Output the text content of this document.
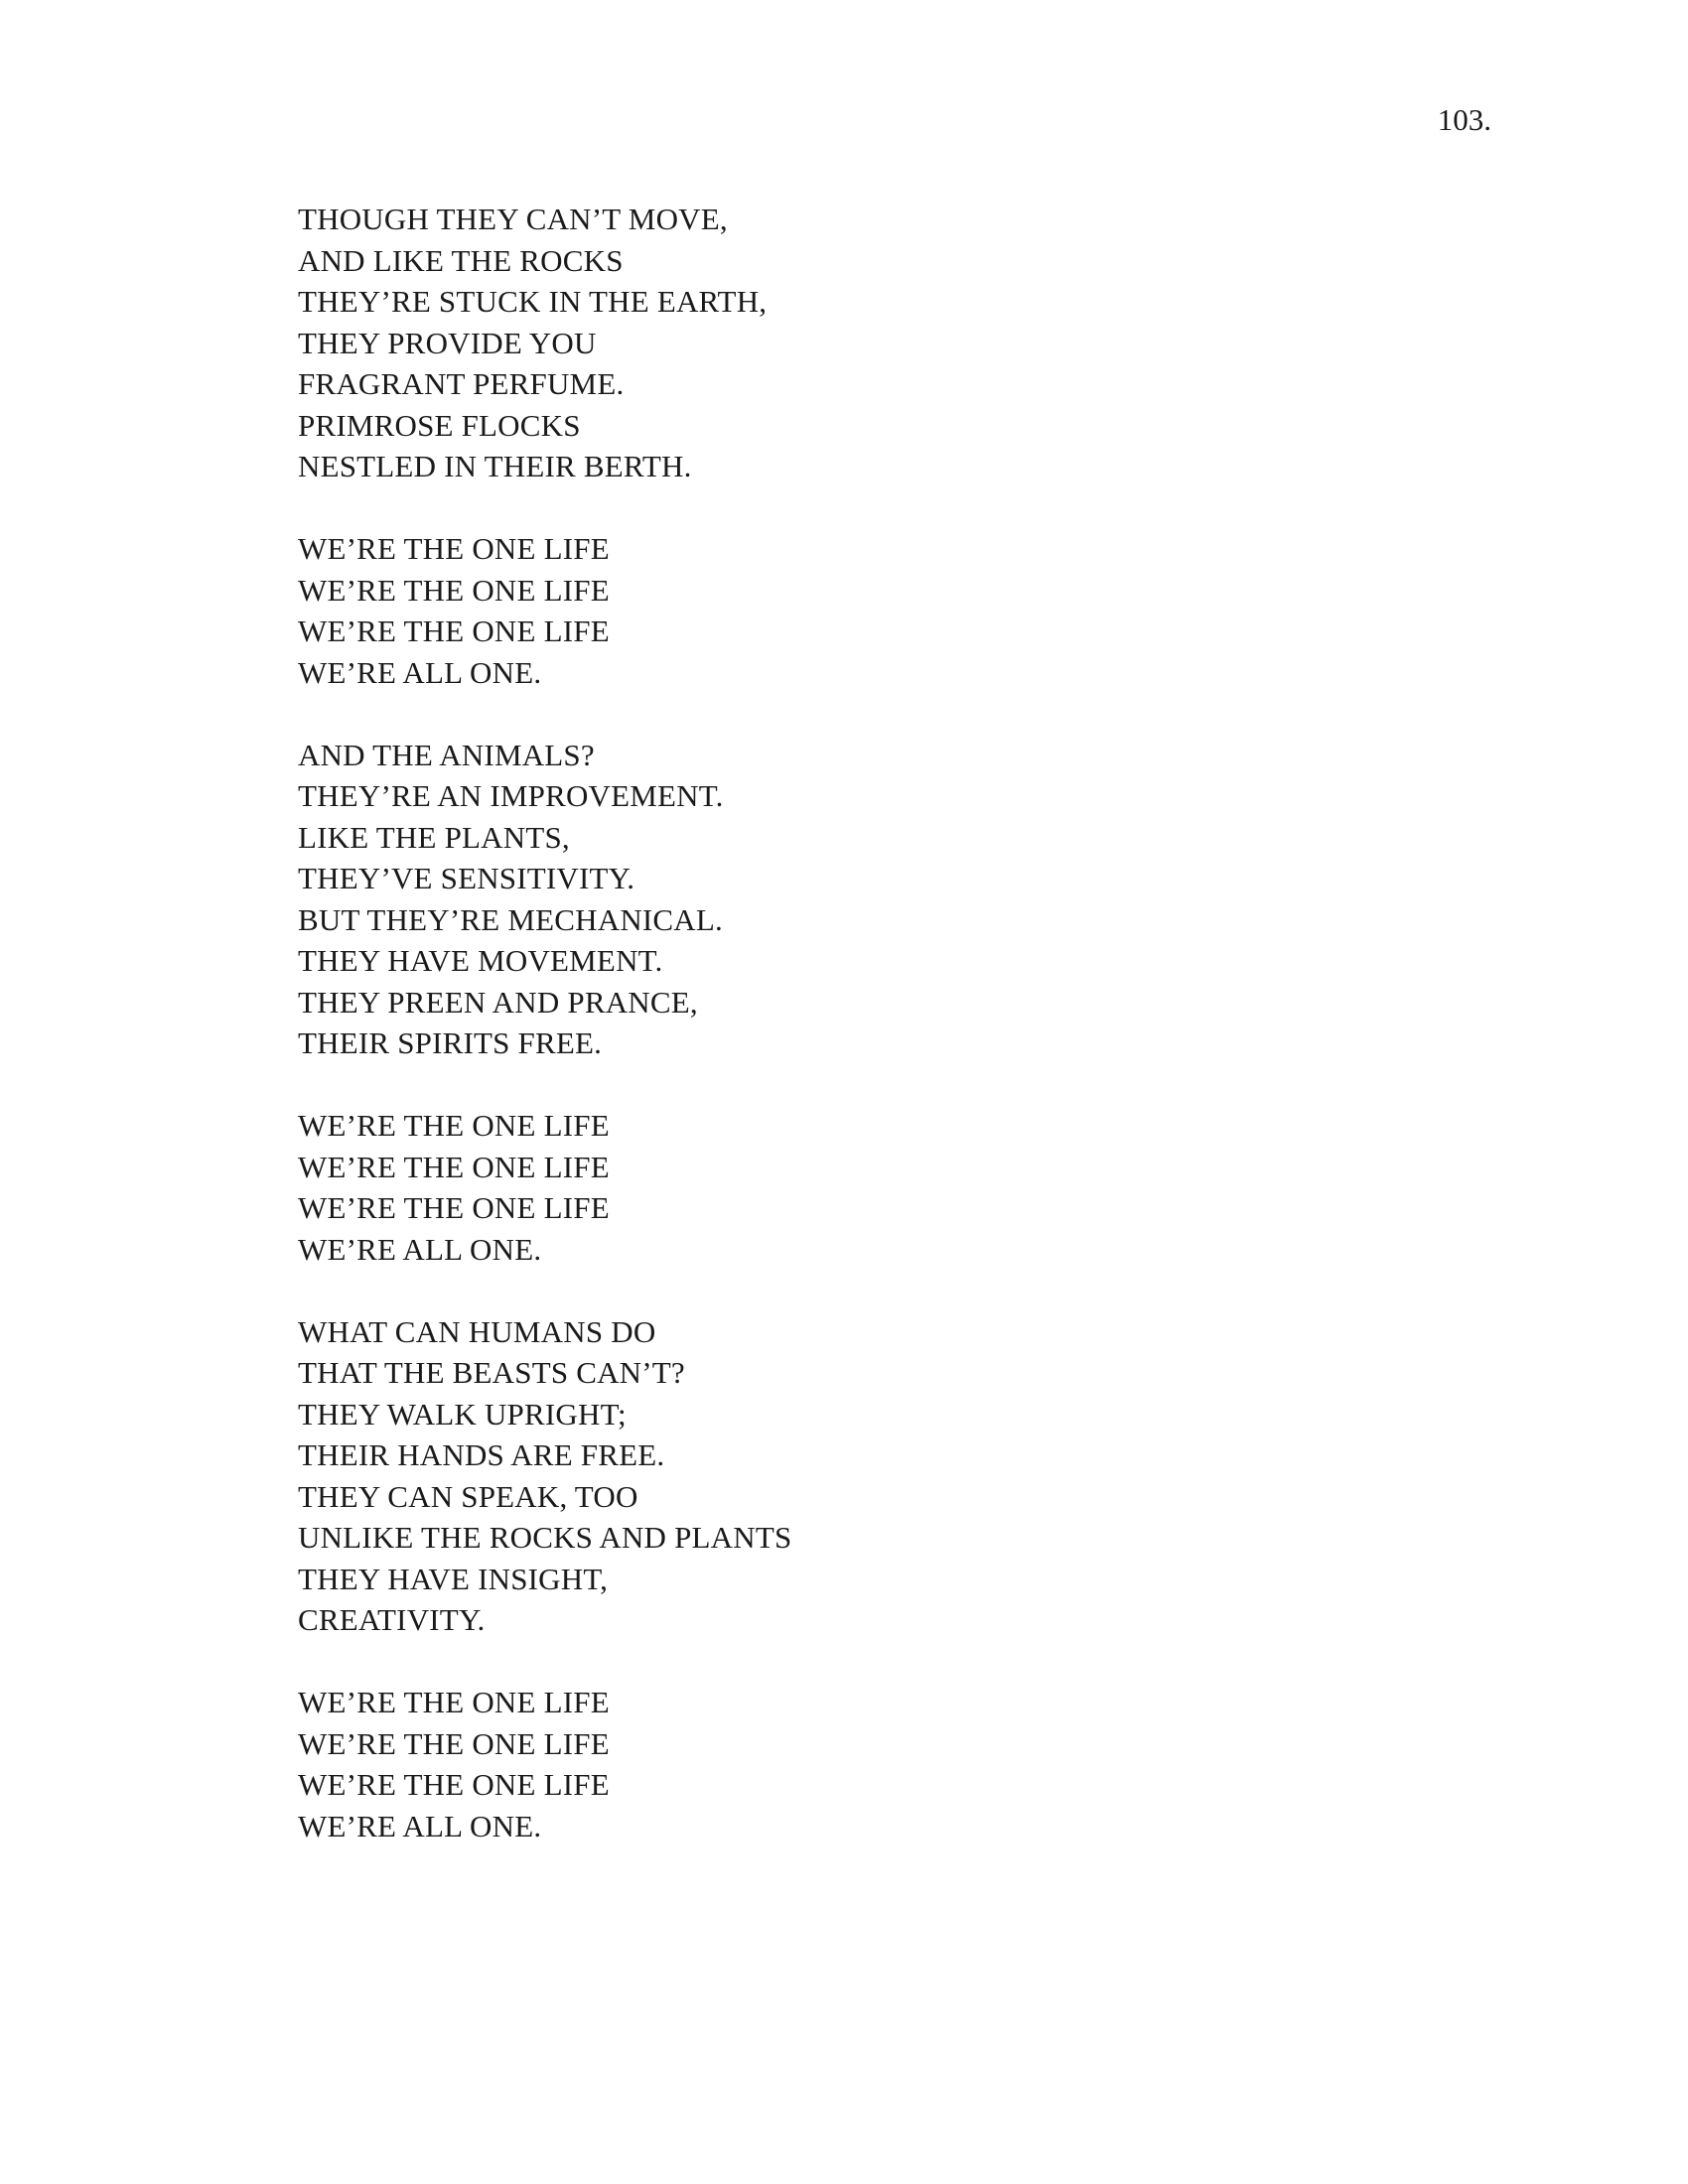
103.
THOUGH THEY CAN’T MOVE,
AND LIKE THE ROCKS
THEY’RE STUCK IN THE EARTH,
THEY PROVIDE YOU
FRAGRANT PERFUME.
PRIMROSE FLOCKS
NESTLED IN THEIR BERTH.
WE’RE THE ONE LIFE
WE’RE THE ONE LIFE
WE’RE THE ONE LIFE
WE’RE ALL ONE.
AND THE ANIMALS?
THEY’RE AN IMPROVEMENT.
LIKE THE PLANTS,
THEY’VE SENSITIVITY.
BUT THEY’RE MECHANICAL.
THEY HAVE MOVEMENT.
THEY PREEN AND PRANCE,
THEIR SPIRITS FREE.
WE’RE THE ONE LIFE
WE’RE THE ONE LIFE
WE’RE THE ONE LIFE
WE’RE ALL ONE.
WHAT CAN HUMANS DO
THAT THE BEASTS CAN’T?
THEY WALK UPRIGHT;
THEIR HANDS ARE FREE.
THEY CAN SPEAK, TOO
UNLIKE THE ROCKS AND PLANTS
THEY HAVE INSIGHT,
CREATIVITY.
WE’RE THE ONE LIFE
WE’RE THE ONE LIFE
WE’RE THE ONE LIFE
WE’RE ALL ONE.
